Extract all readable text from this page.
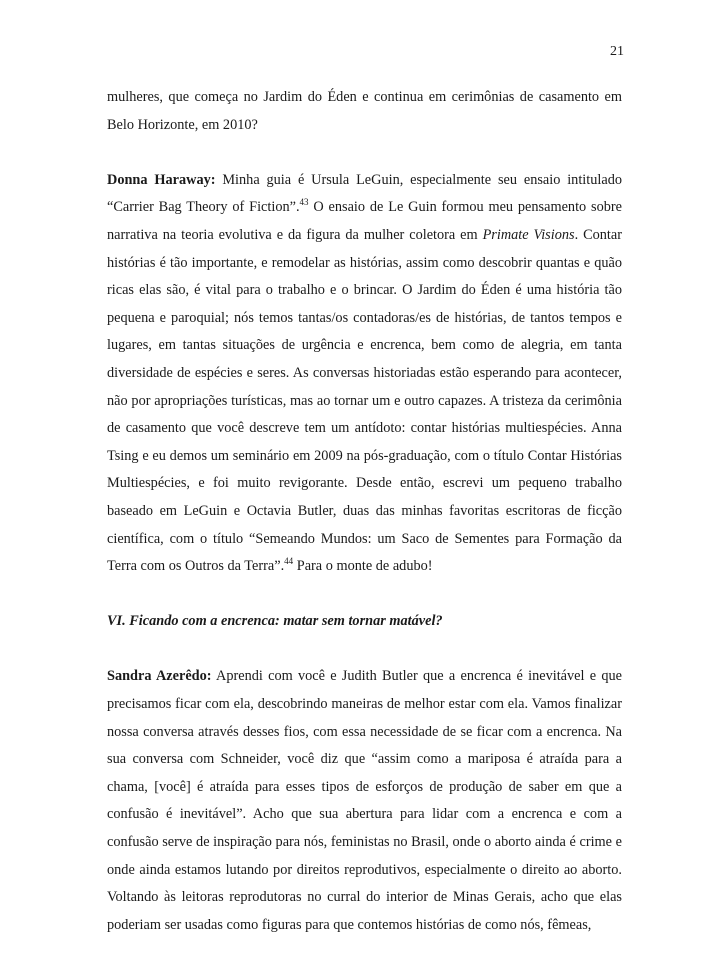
21

mulheres, que começa no Jardim do Éden e continua em cerimônias de casamento em Belo Horizonte, em 2010?

Donna Haraway: Minha guia é Ursula LeGuin, especialmente seu ensaio intitulado “Carrier Bag Theory of Fiction”.$^{43}$ O ensaio de Le Guin formou meu pensamento sobre narrativa na teoria evolutiva e da figura da mulher coletora em Primate Visions. Contar histórias é tão importante, e remodelar as histórias, assim como descobrir quantas e quão ricas elas são, é vital para o trabalho e o brincar. O Jardim do Éden é uma história tão pequena e paroquial; nós temos tantas/os contadoras/es de histórias, de tantos tempos e lugares, em tantas situações de urgência e encrenca, bem como de alegria, em tanta diversidade de espécies e seres. As conversas historiadas estão esperando para acontecer, não por apropriações turísticas, mas ao tornar um e outro capazes. A tristeza da cerimônia de casamento que você descreve tem um antídoto: contar histórias multiespécies. Anna Tsing e eu demos um seminário em 2009 na pós-graduação, com o título Contar Histórias Multiespécies, e foi muito revigorante. Desde então, escrevi um pequeno trabalho baseado em LeGuin e Octavia Butler, duas das minhas favoritas escritoras de ficção científica, com o título “Semeando Mundos: um Saco de Sementes para Formação da Terra com os Outros da Terra”.$^{44}$ Para o monte de adubo!

VI. Ficando com a encrenca: matar sem tornar matável?

Sandra Azerêdo: Aprendi com você e Judith Butler que a encrenca é inevitável e que precisamos ficar com ela, descobrindo maneiras de melhor estar com ela. Vamos finalizar nossa conversa através desses fios, com essa necessidade de se ficar com a encrenca. Na sua conversa com Schneider, você diz que “assim como a mariposa é atraída para a chama, [você] é atraída para esses tipos de esforços de produção de saber em que a confusão é inevitável”. Acho que sua abertura para lidar com a encrenca e com a confusão serve de inspiração para nós, feministas no Brasil, onde o aborto ainda é crime e onde ainda estamos lutando por direitos reprodutivos, especialmente o direito ao aborto. Voltando às leitoras reprodutoras no curral do interior de Minas Gerais, acho que elas poderiam ser usadas como figuras para que contemos histórias de como nós, fêmeas,
